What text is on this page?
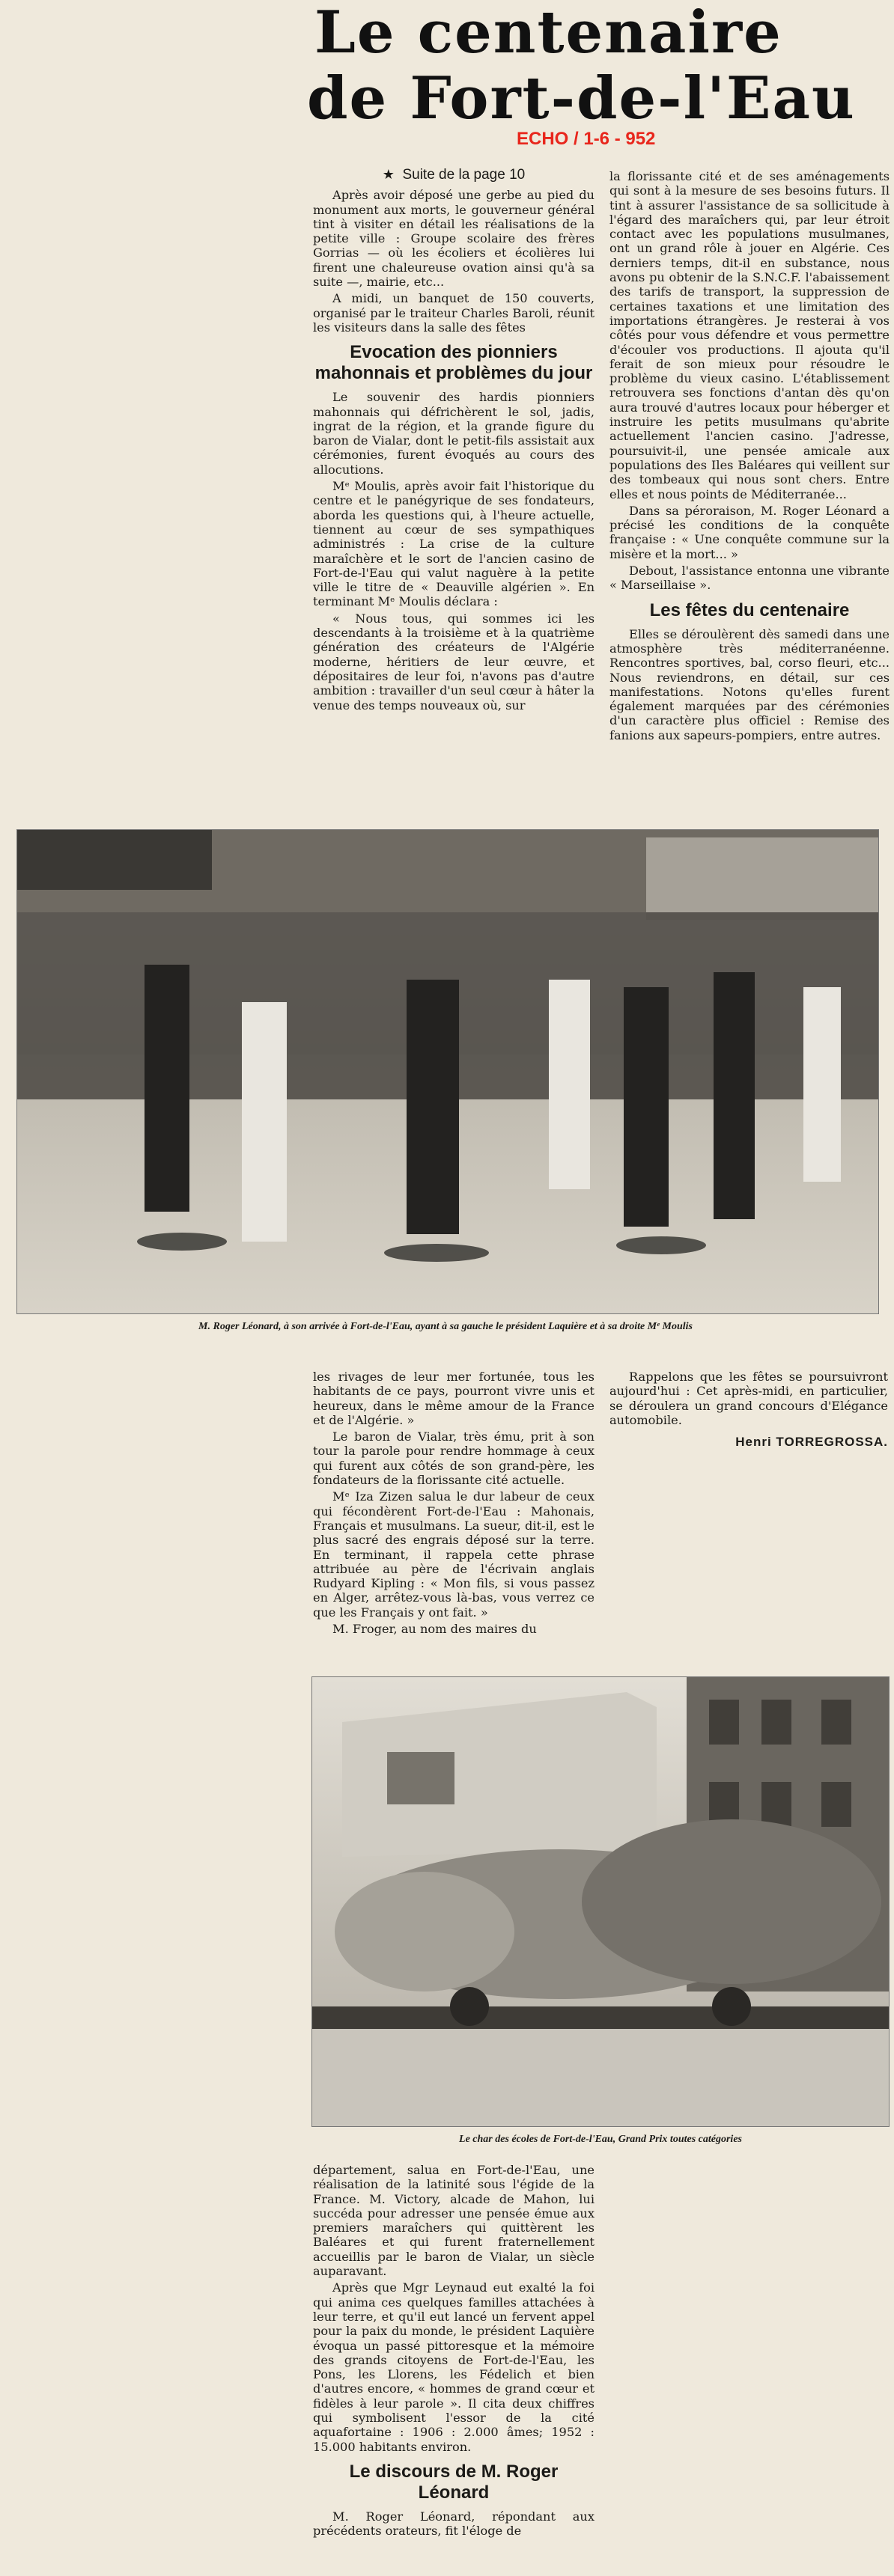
Le centenaire
de Fort-de-l'Eau
ECHO / 1-6 - 952
★ Suite de la page 10

Après avoir déposé une gerbe au pied du monument aux morts, le gouverneur général tint à visiter en détail les réalisations de la petite ville : Groupe scolaire des frères Gorrias — où les écoliers et écolières lui firent une chaleureuse ovation ainsi qu'à sa suite —, mairie, etc...

A midi, un banquet de 150 couverts, organisé par le traiteur Charles Baroli, réunit les visiteurs dans la salle des fêtes

Evocation des pionniers mahonnais et problèmes du jour

Le souvenir des hardis pionniers mahonnais qui défrichèrent le sol, jadis, ingrat de la région, et la grande figure du baron de Vialar, dont le petit-fils assistait aux cérémonies, furent évoqués au cours des allocutions.

Mᵉ Moulis, après avoir fait l'historique du centre et le panégyrique de ses fondateurs, aborda les questions qui, à l'heure actuelle, tiennent au cœur de ses sympathiques administrés : La crise de la culture maraîchère et le sort de l'ancien casino de Fort-de-l'Eau qui valut naguère à la petite ville le titre de « Deauville algérien ». En terminant Mᵉ Moulis déclara :

« Nous tous, qui sommes ici les descendants à la troisième et à la quatrième génération des créateurs de l'Algérie moderne, héritiers de leur œuvre, et dépositaires de leur foi, n'avons pas d'autre ambition : travailler d'un seul cœur à hâter la venue des temps nouveaux où, sur

la florissante cité et de ses aménagements qui sont à la mesure de ses besoins futurs. Il tint à assurer l'assistance de sa sollicitude à l'égard des maraîchers qui, par leur étroit contact avec les populations musulmanes, ont un grand rôle à jouer en Algérie. Ces derniers temps, dit-il en substance, nous avons pu obtenir de la S.N.C.F. l'abaissement des tarifs de transport, la suppression de certaines taxations et une limitation des importations étrangères. Je resterai à vos côtés pour vous défendre et vous permettre d'écouler vos productions. Il ajouta qu'il ferait de son mieux pour résoudre le problème du vieux casino. L'établissement retrouvera ses fonctions d'antan dès qu'on aura trouvé d'autres locaux pour héberger et instruire les petits musulmans qu'abrite actuellement l'ancien casino. J'adresse, poursuivit-il, une pensée amicale aux populations des Iles Baléares qui veillent sur des tombeaux qui nous sont chers. Entre elles et nous points de Méditerranée...

Dans sa péroraison, M. Roger Léonard a précisé les conditions de la conquête française : « Une conquête commune sur la misère et la mort... »

Debout, l'assistance entonna une vibrante « Marseillaise ».

Les fêtes du centenaire

Elles se déroulèrent dès samedi dans une atmosphère très méditerranéenne. Rencontres sportives, bal, corso fleuri, etc... Nous reviendrons, en détail, sur ces manifestations. Notons qu'elles furent également marquées par des cérémonies d'un caractère plus officiel : Remise des fanions aux sapeurs-pompiers, entre autres.

M. Roger Léonard, à son arrivée à Fort-de-l'Eau, ayant à sa gauche le président Laquière et à sa droite Mᵉ Moulis

les rivages de leur mer fortunée, tous les habitants de ce pays, pourront vivre unis et heureux, dans le même amour de la France et de l'Algérie. »

Le baron de Vialar, très ému, prit à son tour la parole pour rendre hommage à ceux qui furent aux côtés de son grand-père, les fondateurs de la florissante cité actuelle.

Mᵉ Iza Zizen salua le dur labeur de ceux qui fécondèrent Fort-de-l'Eau : Mahonais, Français et musulmans. La sueur, dit-il, est le plus sacré des engrais déposé sur la terre. En terminant, il rappela cette phrase attribuée au père de l'écrivain anglais Rudyard Kipling : « Mon fils, si vous passez en Alger, arrêtez-vous là-bas, vous verrez ce que les Français y ont fait. »

M. Froger, au nom des maires du

Rappelons que les fêtes se poursuivront aujourd'hui : Cet après-midi, en particulier, se déroulera un grand concours d'Elégance automobile.

Henri TORREGROSSA.
Le char des écoles de Fort-de-l'Eau, Grand Prix toutes catégories

département, salua en Fort-de-l'Eau, une réalisation de la latinité sous l'égide de la France. M. Victory, alcade de Mahon, lui succéda pour adresser une pensée émue aux premiers maraîchers qui quittèrent les Baléares et qui furent fraternellement accueillis par le baron de Vialar, un siècle auparavant.

Après que Mgr Leynaud eut exalté la foi qui anima ces quelques familles attachées à leur terre, et qu'il eut lancé un fervent appel pour la paix du monde, le président Laquière évoqua un passé pittoresque et la mémoire des grands citoyens de Fort-de-l'Eau, les Pons, les Llorens, les Fédelich et bien d'autres encore, « hommes de grand cœur et fidèles à leur parole ». Il cita deux chiffres qui symbolisent l'essor de la cité aquafortaine : 1906 : 2.000 âmes; 1952 : 15.000 habitants environ.

Le discours de M. Roger Léonard

M. Roger Léonard, répondant aux précédents orateurs, fit l'éloge de
